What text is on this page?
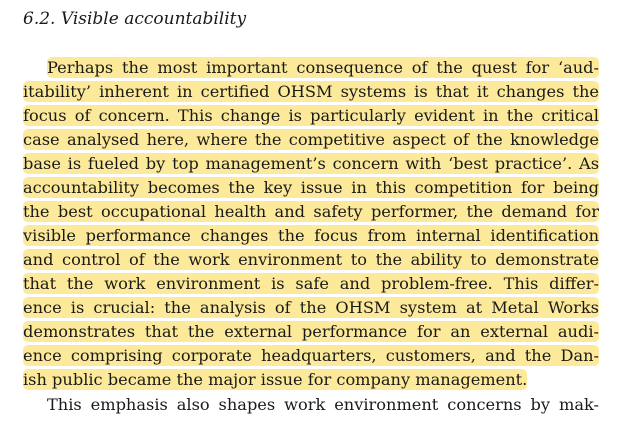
6.2. Visible accountability
Perhaps the most important consequence of the quest for ‘aud-
itability’ inherent in certified OHSM systems is that it changes the
focus of concern. This change is particularly evident in the critical
case analysed here, where the competitive aspect of the knowledge
base is fueled by top management’s concern with ‘best practice’. As
accountability becomes the key issue in this competition for being
the best occupational health and safety performer, the demand for
visible performance changes the focus from internal identification
and control of the work environment to the ability to demonstrate
that the work environment is safe and problem-free. This differ-
ence is crucial: the analysis of the OHSM system at Metal Works
demonstrates that the external performance for an external audi-
ence comprising corporate headquarters, customers, and the Dan-
ish public became the major issue for company management.
This emphasis also shapes work environment concerns by mak-
